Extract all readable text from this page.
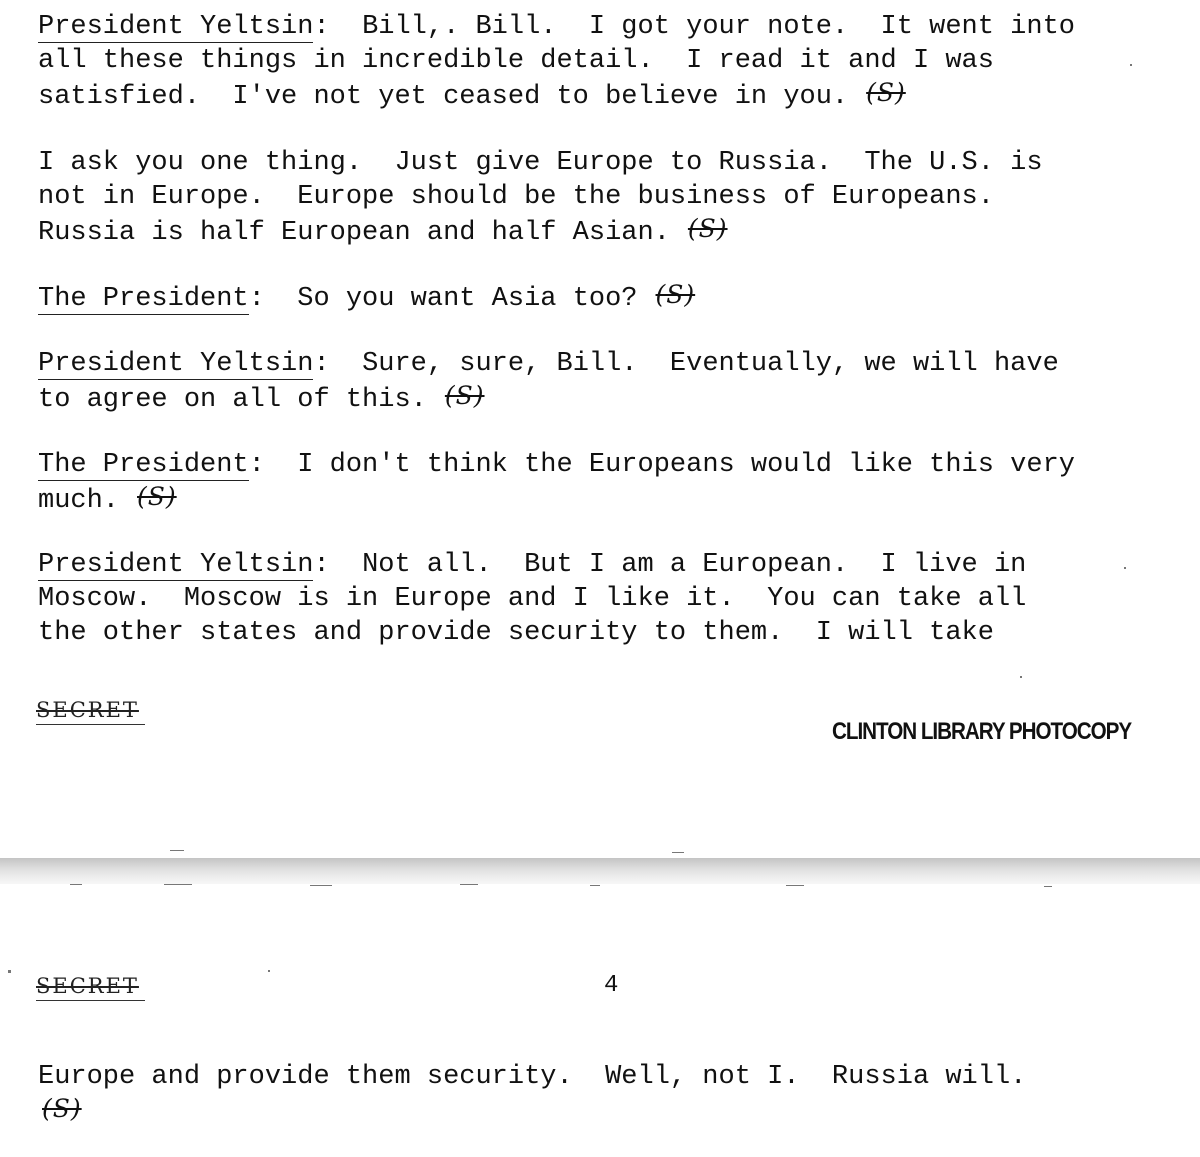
President Yeltsin:  Bill,. Bill.  I got your note.  It went into
all these things in incredible detail.  I read it and I was
satisfied.  I've not yet ceased to believe in you. (S)

I ask you one thing.  Just give Europe to Russia.  The U.S. is
not in Europe.  Europe should be the business of Europeans.
Russia is half European and half Asian. (S)

The President:  So you want Asia too? (S)

President Yeltsin:  Sure, sure, Bill.  Eventually, we will have
to agree on all of this. (S)

The President:  I don't think the Europeans would like this very
much. (S)

President Yeltsin:  Not all.  But I am a European.  I live in
Moscow.  Moscow is in Europe and I like it.  You can take all
the other states and provide security to them.  I will take

SECRET
CLINTON LIBRARY PHOTOCOPY
SECRET	4

Europe and provide them security.  Well, not I.  Russia will.
(S)
